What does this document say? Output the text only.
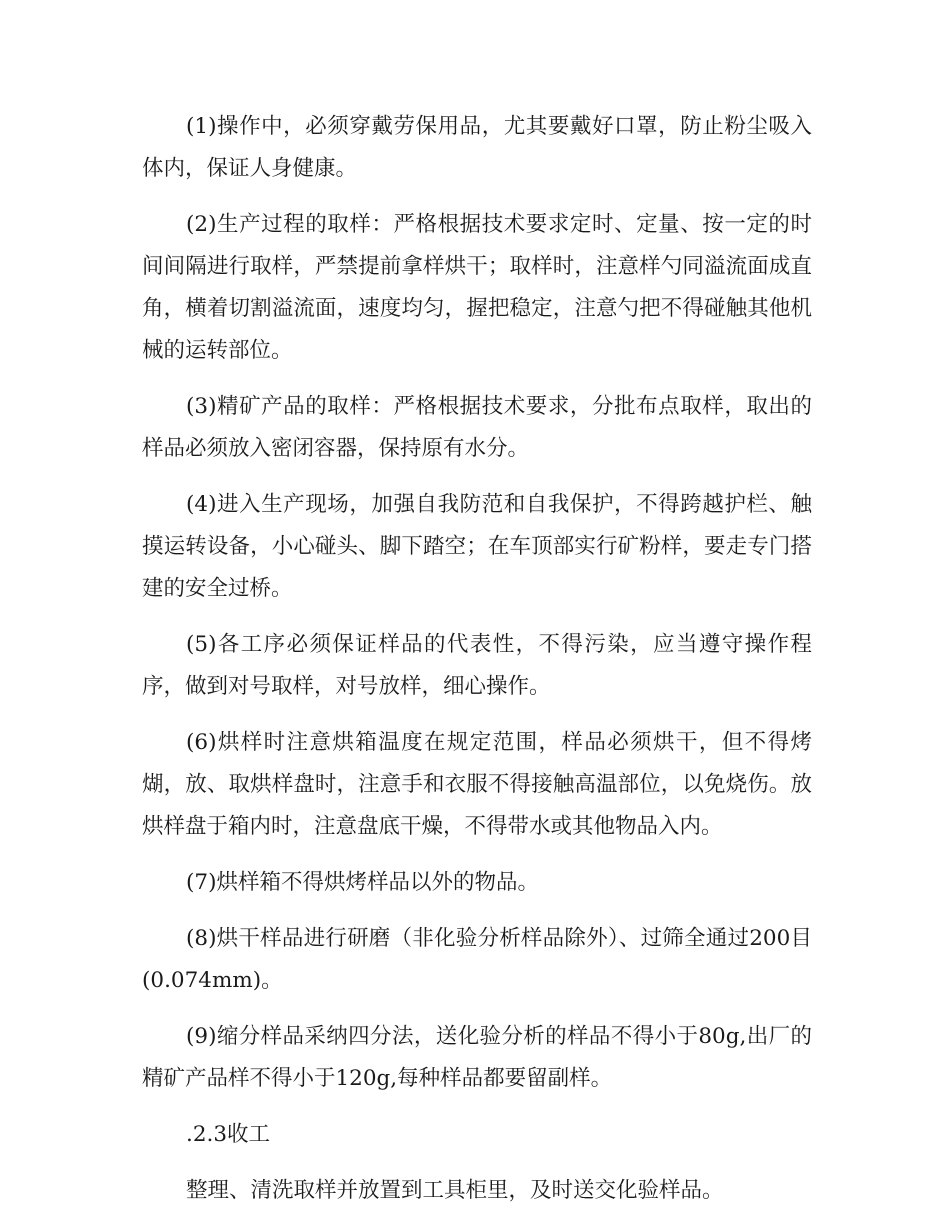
(1)操作中，必须穿戴劳保用品，尤其要戴好口罩，防止粉尘吸入体内，保证人身健康。

(2)生产过程的取样：严格根据技术要求定时、定量、按一定的时间间隔进行取样，严禁提前拿样烘干；取样时，注意样勺同溢流面成直角，横着切割溢流面，速度均匀，握把稳定，注意勺把不得碰触其他机械的运转部位。

(3)精矿产品的取样：严格根据技术要求，分批布点取样，取出的样品必须放入密闭容器，保持原有水分。

(4)进入生产现场，加强自我防范和自我保护，不得跨越护栏、触摸运转设备，小心碰头、脚下踏空；在车顶部实行矿粉样，要走专门搭建的安全过桥。

(5)各工序必须保证样品的代表性，不得污染，应当遵守操作程序，做到对号取样，对号放样，细心操作。

(6)烘样时注意烘箱温度在规定范围，样品必须烘干，但不得烤煳，放、取烘样盘时，注意手和衣服不得接触高温部位，以免烧伤。放烘样盘于箱内时，注意盘底干燥，不得带水或其他物品入内。

(7)烘样箱不得烘烤样品以外的物品。

(8)烘干样品进行研磨（非化验分析样品除外）、过筛全通过200目(0.074mm)。

(9)缩分样品采纳四分法，送化验分析的样品不得小于80g,出厂的精矿产品样不得小于120g,每种样品都要留副样。

.2.3收工

整理、清洗取样并放置到工具柜里，及时送交化验样品。
